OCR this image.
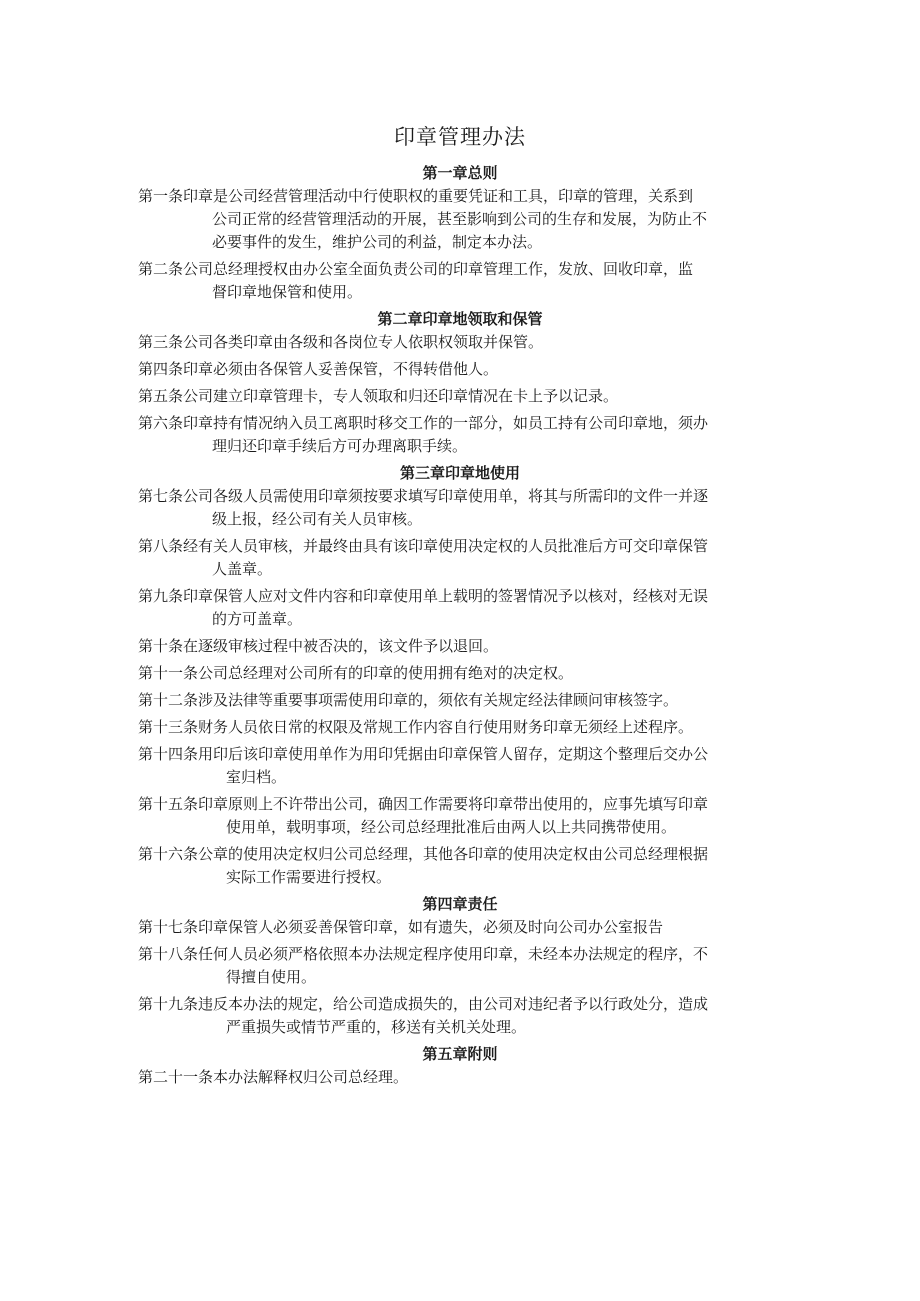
印章管理办法
第一章总则
第一条印章是公司经营管理活动中行使职权的重要凭证和工具，印章的管理，关系到
公司正常的经营管理活动的开展，甚至影响到公司的生存和发展，为防止不
必要事件的发生，维护公司的利益，制定本办法。
第二条公司总经理授权由办公室全面负责公司的印章管理工作，发放、回收印章，监
督印章地保管和使用。
第二章印章地领取和保管
第三条公司各类印章由各级和各岗位专人依职权领取并保管。
第四条印章必须由各保管人妥善保管，不得转借他人。
第五条公司建立印章管理卡，专人领取和归还印章情况在卡上予以记录。
第六条印章持有情况纳入员工离职时移交工作的一部分，如员工持有公司印章地，须办
理归还印章手续后方可办理离职手续。
第三章印章地使用
第七条公司各级人员需使用印章须按要求填写印章使用单，将其与所需印的文件一并逐
级上报，经公司有关人员审核。
第八条经有关人员审核，并最终由具有该印章使用决定权的人员批准后方可交印章保管
人盖章。
第九条印章保管人应对文件内容和印章使用单上载明的签署情况予以核对，经核对无误
的方可盖章。
第十条在逐级审核过程中被否决的，该文件予以退回。
第十一条公司总经理对公司所有的印章的使用拥有绝对的决定权。
第十二条涉及法律等重要事项需使用印章的，须依有关规定经法律顾问审核签字。
第十三条财务人员依日常的权限及常规工作内容自行使用财务印章无须经上述程序。
第十四条用印后该印章使用单作为用印凭据由印章保管人留存，定期这个整理后交办公
室归档。
第十五条印章原则上不许带出公司，确因工作需要将印章带出使用的，应事先填写印章
使用单，载明事项，经公司总经理批准后由两人以上共同携带使用。
第十六条公章的使用决定权归公司总经理，其他各印章的使用决定权由公司总经理根据
实际工作需要进行授权。
第四章责任
第十七条印章保管人必须妥善保管印章，如有遗失，必须及时向公司办公室报告
第十八条任何人员必须严格依照本办法规定程序使用印章，未经本办法规定的程序，不
得擅自使用。
第十九条违反本办法的规定，给公司造成损失的，由公司对违纪者予以行政处分，造成
严重损失或情节严重的，移送有关机关处理。
第五章附则
第二十一条本办法解释权归公司总经理。
